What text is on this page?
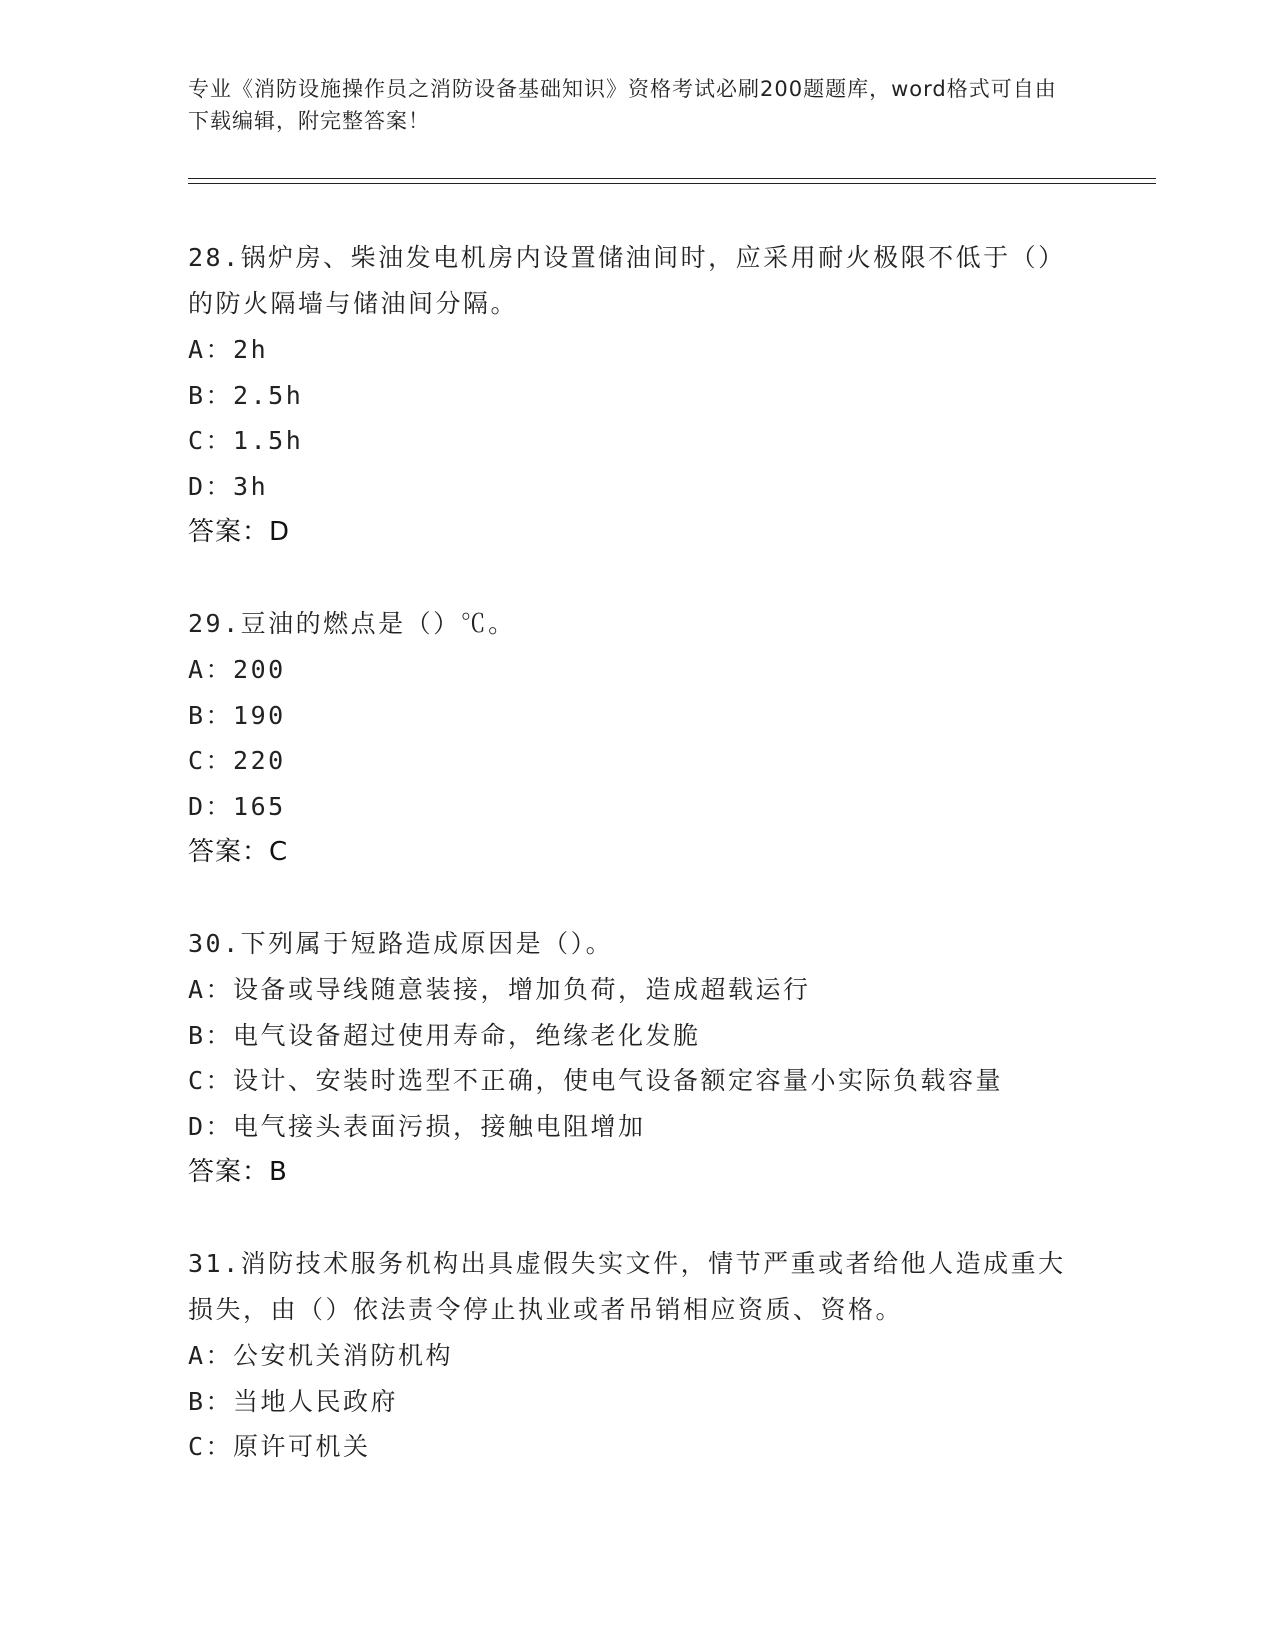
专业《消防设施操作员之消防设备基础知识》资格考试必刷200题题库，word格式可自由下载编辑，附完整答案！
28.锅炉房、柴油发电机房内设置储油间时，应采用耐火极限不低于（）的防火隔墙与储油间分隔。
A：2h
B：2.5h
C：1.5h
D：3h
答案：D
29.豆油的燃点是（）℃。
A：200
B：190
C：220
D：165
答案：C
30.下列属于短路造成原因是（）。
A：设备或导线随意装接，增加负荷，造成超载运行
B：电气设备超过使用寿命，绝缘老化发脆
C：设计、安装时选型不正确，使电气设备额定容量小实际负载容量
D：电气接头表面污损，接触电阻增加
答案：B
31.消防技术服务机构出具虚假失实文件，情节严重或者给他人造成重大损失，由（）依法责令停止执业或者吊销相应资质、资格。
A：公安机关消防机构
B：当地人民政府
C：原许可机关
